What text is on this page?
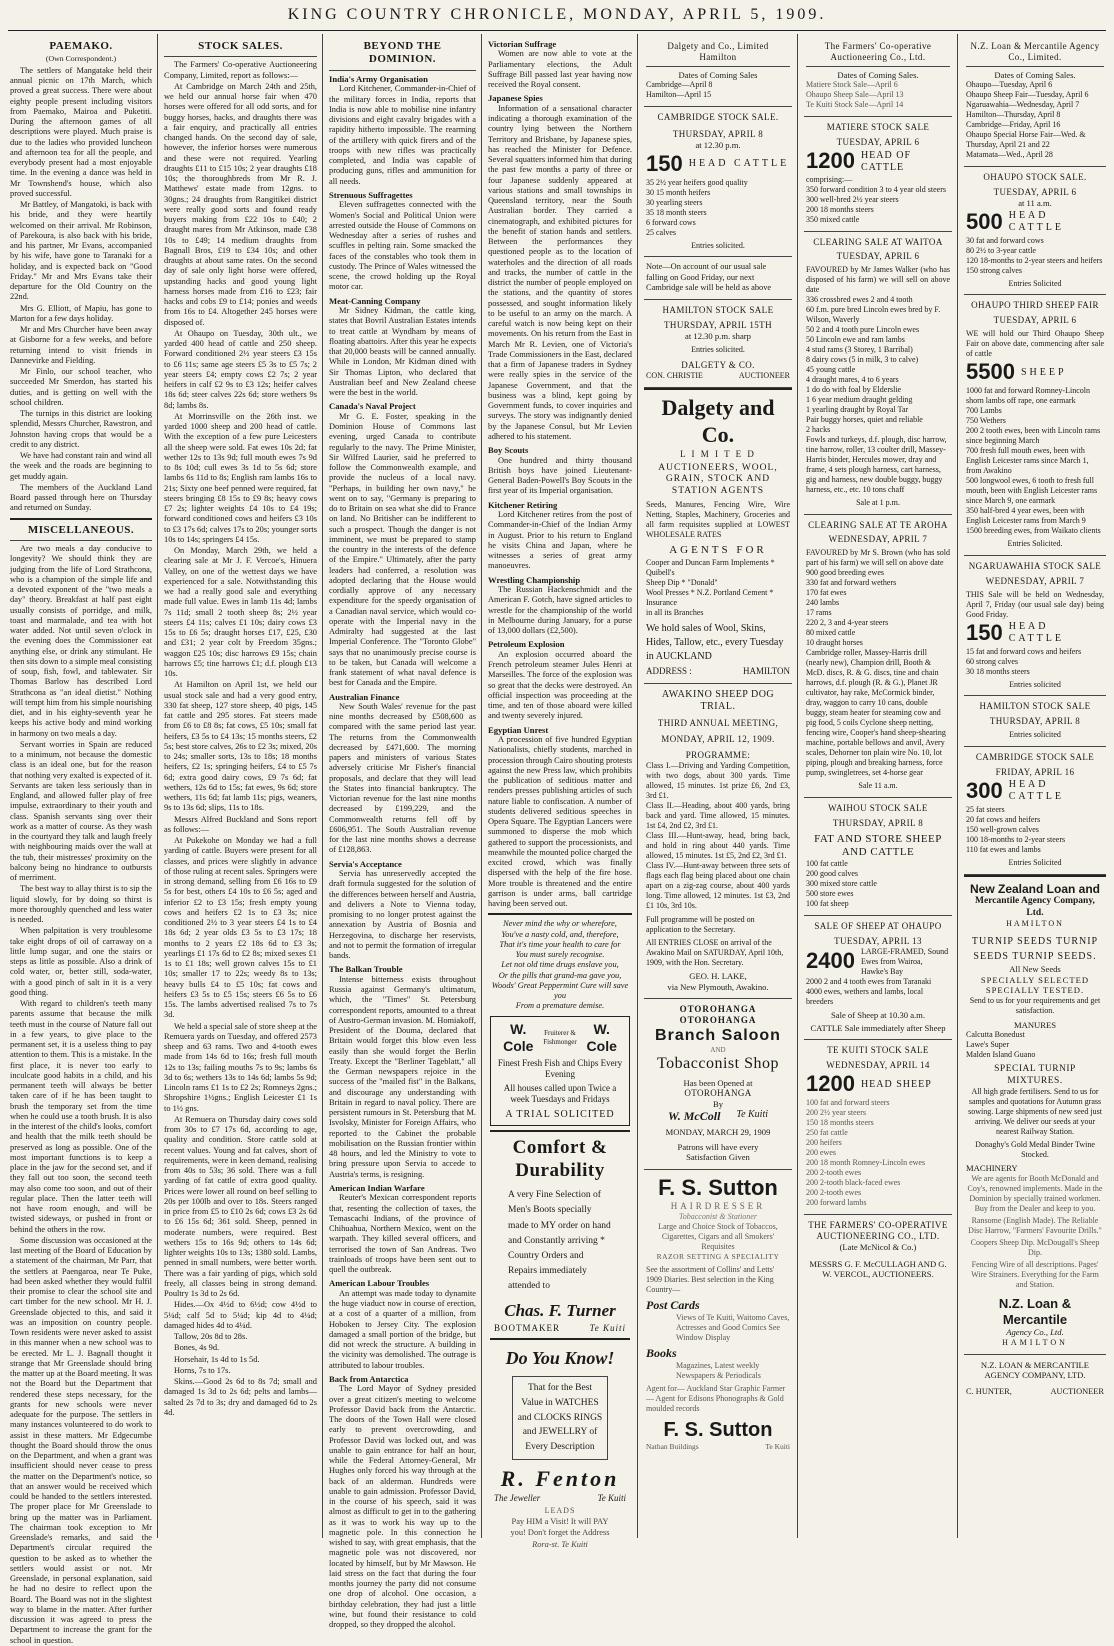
KING COUNTRY CHRONICLE, MONDAY, APRIL 5, 1909.
PAEMAKO.
(Own Correspondent.)

The settlers of Mangatake held their annual picnic on 17th March, which proved a great success. There were about eighty people present including visitors from Paemako, Mairoa and Puketiti. During the afternoon games of all descriptions were played. Much praise is due to the ladies who provided luncheon and afternoon tea for all the people, and everybody present had a most enjoyable time. In the evening a dance was held in Mr Townshend's house, which also proved successful.

Mr Battley, of Mangatoki, is back with his bride, and they were heartily welcomed on their arrival. Mr Robinson, of Parekoura, is also back with his bride, and his partner, Mr Evans, accompanied by his wife, have gone to Taranaki for a holiday, and is expected back on "Good Friday." Mr and Mrs Evans take their departure for the Old Country on the 22nd.

Mrs G. Elliott, of Mapiu, has gone to Marton for a few days holiday.

Mr and Mrs Churcher have been away at Gisborne for a few weeks, and before returning intend to visit friends in Dannevirke and Fielding.

Mr Finlo, our school teacher, who succeeded Mr Smerdon, has started his duties, and is getting on well with the school children.

The turnips in this district are looking splendid, Messrs Churcher, Rawstron, and Johnston having crops that would be a credit to any district.

We have had constant rain and wind all the week and the roads are beginning to get muddy again.

The members of the Auckland Land Board passed through here on Thursday and returned on Sunday.

MISCELLANEOUS.

Are two meals a day conducive to longevity? We should think they are judging from the life of Lord Strathcona, who is a champion of the simple life and a devoted exponent of the "two meals a day" theory. Breakfast at half past eight usually consists of porridge, and milk, toast and marmalade, and tea with hot water added. Not until seven o'clock in the evening does the Commissioner eat anything else, or drink any stimulant. He then sits down to a simple meal consisting of soup, fish, fowl, and tablewater. Sir Thomas Barlow has described Lord Strathcona as "an ideal dietist." Nothing will tempt him from his simple nourishing diet, and in his eighty-seventh year he keeps his active body and mind working in harmony on two meals a day.

Servant worries in Spain are reduced to a minimum, not because the domestic class is an ideal one, but for the reason that nothing very exalted is expected of it. Servants are taken less seriously than in England, and allowed fuller play of free impulse, extraordinary to their youth and class. Spanish servants sing over their work as a matter of course. As they wash in the courtyard they talk and laugh freely with neighbouring maids over the wall at the tub, their mistresses' proximity on the balcony being no hindrance to outbursts of merriment.

The best way to allay thirst is to sip the liquid slowly, for by doing so thirst is more thoroughly quenched and less water is needed.

When palpitation is very troublesome take eight drops of oil of carraway on a little lump sugar, and one the stairs or steps as little as possible. Also a drink of cold water, or, better still, soda-water, with a good pinch of salt in it is a very good thing.

With regard to children's teeth many parents assume that because the milk teeth must in the course of Nature fall out in a few years, to give place to the permanent set, it is a useless thing to pay attention to them. This is a mistake. In the first place, it is never too early to inculcate good habits in a child, and his permanent teeth will always be better taken care of if he has been taught to brush the temporary set from the time when he could use a tooth brush. It is also in the interest of the child's looks, comfort and health that the milk teeth should be preserved as long as possible. One of the most important functions is to keep a place in the jaw for the second set, and if they fall out too soon, the second teeth may also come too soon, and out of their regular place. Then the latter teeth will not have room enough, and will be twisted sideways, or pushed in front or behind the others in the row.

Some discussion was occasioned at the last meeting of the Board of Education by a statement of the chairman, Mr Parr, that the settlers at Paengaroa, near Te Puke, had been asked whether they would fulfil their promise to clear the school site and cart timber for the new school. Mr H. J. Greenslade objected to this, and said it was an imposition on country people. Town residents were never asked to assist in this manner when a new school was to be erected. Mr L. J. Bagnall thought it strange that Mr Greenslade should bring the matter up at the Board meeting. It was not the Board but the Department that rendered these steps necessary, for the grants for new schools were never adequate for the purpose. The settlers in many instances volunteered to do work to assist in these matters. Mr Edgecumbe thought the Board should throw the onus on the Department, and when a grant was insufficient should never cease to press the matter on the Department's notice, so that an answer would be received which could be handed to the settlers interested. The proper place for Mr Greenslade to bring up the matter was in Parliament. The chairman took exception to Mr Greenslade's remarks, and said the Department's circular required the question to be asked as to whether the settlers would assist or not. Mr Greenslade, in personal explanation, said he had no desire to reflect upon the Board. The Board was not in the slightest way to blame in the matter. After further discussion it was agreed to press the Department to increase the grant for the school in question.

STOCK SALES.

The Farmers' Co-operative Auctioneering Company, Limited, report as follows:—

At Cambridge on March 24th and 25th, we held our annual horse fair when 470 horses were offered for all odd sorts, and for buggy horses, hacks, and draughts there was a fair enquiry, and practically all entries changed hands. On the second day of sale, however, the inferior horses were numerous and these were not required. Yearling draughts £11 to £15 10s; 2 year draughts £18 10s; the thoroughbreds from Mr R. J. Matthews' estate made from 12gns. to 30gns.; 24 draughts from Rangitikei district were really good sorts and found ready buyers making from £22 10s to £40; 2 draught mares from Mr Atkinson, made £38 10s to £49; 14 medium draughts from Bagnall Bros, £19 to £34 10s; and other draughts at about same rates. On the second day of sale only light horse were offered, upstanding hacks and good young light harness horses made from £16 to £23; fair hacks and cobs £9 to £14; ponies and weeds from 16s to £4. Altogether 245 horses were disposed of.

At Ohaupo on Tuesday, 30th ult., we yarded 400 head of cattle and 250 sheep. Forward conditioned 2½ year steers £3 15s to £6 11s; same age steers £5 3s to £5 7s; 2 year steers £4; empty cows £2 7s; 2 year heifers in calf £2 9s to £3 12s; heifer calves 18s 6d; steer calves 22s 6d; store wethers 9s 8d; lambs 8s.

At Morrinsville on the 26th inst. we yarded 1000 sheep and 200 head of cattle. With the exception of a few pure Leicesters all the sheep were sold. Fat ewes 10s 2d; fat wether 12s to 13s 9d; full mouth ewes 7s 9d to 8s 10d; cull ewes 3s 1d to 5s 6d; store lambs 6s 11d to 8s; English ram lambs 16s to 21s; Sixty one beef penned were required, fat steers bringing £8 15s to £9 8s; heavy cows £7 2s; lighter weights £4 10s to £4 19s; forward conditioned cows and heifers £3 10s to £3 17s 6d; calves 17s to 20s; younger sorts 10s to 14s; springers £4 15s.

On Monday, March 29th, we held a clearing sale at Mr J. F. Vercoe's, Hinuera Valley, on one of the wettest days we have experienced for a sale. Notwithstanding this we had a really good sale and everything made full value. Ewes in lamb 11s 4d; lambs 7s 11d; small 2 tooth sheep 8s; 2½ year steers £4 11s; calves £1 10s; dairy cows £3 15s to £6 5s; draught horses £17, £25, £30 and £31; 2 year colt by Freedom 35gns.; waggon £25 10s; disc harrows £9 15s; chain harrows £5; tine harrows £1; d.f. plough £13 10s.

At Hamilton on April 1st, we held our usual stock sale and had a very good entry, 330 fat sheep, 127 store sheep, 40 pigs, 145 fat cattle and 295 stores. Fat steers made from £6 to £8 8s; fat cows, £5 10s; small fat heifers, £3 5s to £4 13s; 15 months steers, £2 5s; best store calves, 26s to £2 3s; mixed, 20s to 24s; smaller sorts, 13s to 18s; 18 months heifers, £2 1s; springing heifers, £4 to £5 7s 6d; extra good dairy cows, £9 7s 6d; fat wethers, 12s 6d to 15s; fat ewes, 9s 6d; store wethers, 11s 6d; fat lamb 11s; pigs, weaners, 9s to 13s 6d; slips, 11s to 18s.

Messrs Alfred Buckland and Sons report as follows:—

At Pukekohe on Monday we had a full yarding of cattle. Buyers were present for all classes, and prices were slightly in advance of those ruling at recent sales. Springers were in strong demand, selling from £6 16s to £9 5s for best, others £4 10s to £6 5s; aged and inferior £2 to £3 15s; fresh empty young cows and heifers £2 1s to £3 3s; nice conditioned 2½ to 3 year steers £4 1s to £4 18s 6d; 2 year olds £3 5s to £3 17s; 18 months to 2 years £2 18s 6d to £3 3s; yearlings £1 17s 6d to £2 8s; mixed sexes £1 1s to £1 18s; well grown calves 15s to £1 10s; smaller 17 to 22s; weedy 8s to 13s; heavy bulls £4 to £5 10s; fat cows and heifers £3 5s to £5 15s; steers £6 5s to £6 15s. The lambs advertised realised 7s to 7s 3d.

We held a special sale of store sheep at the Remuera yards on Tuesday, and offered 2573 sheep and 63 rams. Two and 4-tooth ewes made from 14s 6d to 16s; fresh full mouth 12s to 13s; failing mouths 7s to 9s; lambs 6s 3d to 6s; wethers 13s to 14s 6d; lambs 5s 9d; Lincoln rams £1 1s to £2 2s; Romneys 2gns.; Shropshire 1½gns.; English Leicester £1 1s to 1½ gns.

At Remuera on Thursday dairy cows sold from 30s to £7 17s 6d, according to age, quality and condition. Store cattle sold at recent values. Young and fat calves, short of requirements, were in keen demand, realising from 40s to 53s; 36 sold. There was a full yarding of fat cattle of extra good quality. Prices were lower all round on beef selling to 20s per 100lb and over to 18s. Steers ranged in price from £5 to £10 2s 6d; cows £3 2s 6d to £6 15s 6d; 361 sold. Sheep, penned in moderate numbers, were required. Best wethers 15s to 16s 9d; others to 14s 6d; lighter weights 10s to 13s; 1380 sold. Lambs, penned in small numbers, were better worth. There was a fair yarding of pigs, which sold freely, all classes being in strong demand. Poultry 1s 3d to 2s 6d.

Hides.—Ox 4½d to 6½d; cow 4½d to 5¼d; calf 5d to 5¼d; kip 4d to 4¼d; damaged hides 4d to 4¼d.

Tallow, 20s 8d to 28s.

Bones, 4s 9d.

Horsehair, 1s 4d to 1s 5d.

Horns, 7s to 17s.

Skins.—Good 2s 6d to 8s 7d; small and damaged 1s 3d to 2s 6d; pelts and lambs—salted 2s 7d to 3s; dry and damaged 6d to 2s 4d.

BEYOND THE DOMINION.
India's Army Organisation

Lord Kitchener, Commander-in-Chief of the military forces in India, reports that India is now able to mobilise nine infantry divisions and eight cavalry brigades with a rapidity hitherto impossible. The rearming of the artillery with quick firers and of the troops with new rifles was practically completed, and India was capable of producing guns, rifles and ammunition for all needs.

Strenuous Suffragettes

Eleven suffragettes connected with the Women's Social and Political Union were arrested outside the House of Commons on Wednesday after a series of rushes and scuffles in pelting rain. Some smacked the faces of the constables who took them in custody. The Prince of Wales witnessed the scene, the crowd holding up the Royal motor car.

Meat-Canning Company

Mr Sidney Kidman, the cattle king, states that Bovril Australian Estates intends to treat cattle at Wyndham by means of floating abattoirs. After this year he expects that 20,000 beasts will be canned annually. While in London, Mr Kidman dined with Sir Thomas Lipton, who declared that Australian beef and New Zealand cheese were the best in the world.

Canada's Naval Project

Mr G. E. Foster, speaking in the Dominion House of Commons last evening, urged Canada to contribute regularly to the navy. The Prime Minister, Sir Wilfred Laurier, said he preferred to follow the Commonwealth example, and provide the nucleus of a local navy. "Perhaps, in building her own navy," he went on to say, "Germany is preparing to do to Britain on sea what she did to France on land. No Britisher can be indifferent to such a prospect. Though the danger is not imminent, we must be prepared to stamp the country in the interests of the defence of the Empire." Ultimately, after the party leaders had conferred, a resolution was adopted declaring that the House would cordially approve of any necessary expenditure for the speedy organisation of a Canadian naval service, which would co-operate with the Imperial navy in the Admiralty had suggested at the last Imperial Conference. The "Toronto Globe" says that no unanimously precise course is to be taken, but Canada will welcome a frank statement of what naval defence is best for Canada and the Empire.

Australian Finance

New South Wales' revenue for the past nine months decreased by £508,600 as compared with the same period last year. The returns from the Commonwealth decreased by £471,600. The morning papers and ministers of various States adversely criticise Mr Fisher's financial proposals, and declare that they will lead the States into financial bankruptcy. The Victorian revenue for the last nine months decreased by £199,229, and the Commonwealth returns fell off by £606,951. The South Australian revenue for the last nine months shows a decrease of £128,863.

Servia's Acceptance

Servia has unreservedly accepted the draft formula suggested for the solution of the differences between herself and Austria, and delivers a Note to Vienna today, promising to no longer protest against the annexation by Austria of Bosnia and Herzegovina, to discharge her reservists, and not to permit the formation of irregular bands.

The Balkan Trouble

Intense bitterness exists throughout Russia against Germany's ultimatum, which, the "Times" St. Petersburg correspondent reports, amounted to a threat of Austro-German invasion. M. Homiakoff, President of the Douma, declared that Britain would forget this blow even less easily than she would forget the Berlin Treaty. Except the "Berliner Tageblatt," all the German newspapers rejoice in the success of the "mailed fist" in the Balkans, and discourage any understanding with Britain in regard to naval policy. There are persistent rumours in St. Petersburg that M. Isvolsky, Minister for Foreign Affairs, who reported to the Cabinet the probable mobilisation on the Russian frontier within 48 hours, and led the Ministry to vote to bring pressure upon Servia to accede to Austria's terms, is resigning.

American Indian Warfare

Reuter's Mexican correspondent reports that, resenting the collection of taxes, the Temascachi Indians, of the province of Chihuahua, Northern Mexico, went on the warpath. They killed several officers, and terrorised the town of San Andreas. Two trainloads of troops have been sent out to quell the outbreak.

American Labour Troubles

An attempt was made today to dynamite the huge viaduct now in course of erection, at a cost of a quarter of a million, from Hoboken to Jersey City. The explosion damaged a small portion of the bridge, but did not wreck the structure. A building in the vicinity was demolished. The outrage is attributed to labour troubles.

Back from Antarctica

The Lord Mayor of Sydney presided over a great citizen's meeting to welcome Professor David back from the Antarctic. The doors of the Town Hall were closed early to prevent overcrowding, and Professor David was locked out, and was unable to gain entrance for half an hour, while the Federal Attorney-General, Mr Hughes only forced his way through at the back of an alderman. Hundreds were unable to gain admission. Professor David, in the course of his speech, said it was almost as difficult to get in to the gathering as it was to work his way up to the magnetic pole. In this connection he wished to say, with great emphasis, that the magnetic pole was not discovered, nor located by himself, but by Mr Mawson. He laid stress on the fact that during the four months journey the party did not consume one drop of alcohol. One occasion, a birthday celebration, they had just a little wine, but found their resistance to cold dropped, so they dropped the alcohol.

Victorian Suffrage

Women are now able to vote at the Parliamentary elections, the Adult Suffrage Bill passed last year having now received the Royal consent.

Japanese Spies

Information of a sensational character indicating a thorough examination of the country lying between the Northern Territory and Brisbane, by Japanese spies, has reached the Minister for Defence. Several squatters informed him that during the past few months a party of three or four Japanese suddenly appeared at various stations and small townships in Queensland territory, near the South Australian border. They carried a cinematograph, and exhibited pictures for the benefit of station hands and settlers. Between the performances they questioned people as to the location of waterholes and the direction of all roads and tracks, the number of cattle in the district the number of people employed on the stations, and the quantity of stores possessed, and sought information likely to be useful to an army on the march. A careful watch is now being kept on their movements. On his return from the East in March Mr R. Levien, one of Victoria's Trade Commissioners in the East, declared that a firm of Japanese traders in Sydney were really spies in the service of the Japanese Government, and that the business was a blind, kept going by Government funds, to cover inquiries and surveys. The story was indignantly denied by the Japanese Consul, but Mr Levien adhered to his statement.

Boy Scouts

One hundred and thirty thousand British boys have joined Lieutenant-General Baden-Powell's Boy Scouts in the first year of its Imperial organisation.

Kitchener Retiring

Lord Kitchener retires from the post of Commander-in-Chief of the Indian Army in August. Prior to his return to England he visits China and Japan, where he witnesses a series of great army manoeuvres.

Wrestling Championship

The Russian Hackenschmidt and the American F. Gotch, have signed articles to wrestle for the championship of the world in Melbourne during January, for a purse of 13,000 dollars (£2,500).

Petroleum Explosion

An explosion occurred aboard the French petroleum steamer Jules Henri at Marseilles. The force of the explosion was so great that the decks were destroyed. An official inspection was proceeding at the time, and ten of those aboard were killed and twenty severely injured.

Egyptian Unrest

A procession of five hundred Egyptian Nationalists, chiefly students, marched in procession through Cairo shouting protests against the new Press law, which prohibits the publication of seditious matter and renders presses publishing articles of such nature liable to confiscation. A number of students delivered seditious speeches in Opera Square. The Egyptian Lancers were summoned to disperse the mob which gathered to support the processionists, and meanwhile the mounted police charged the excited crowd, which was finally dispersed with the help of the fire hose. More trouble is threatened and the entire garrison is under arms, ball cartridge having been served out.

Never mind the why or wherefore,
You've a nasty cold, and, therefore,
That it's time your health to care for
You must surely recognise.
Let not old time drugs enslave you,
Or the pills that grand-ma gave you,
Woods' Great Peppermint Cure will save you
From a premature demise.
W. Cole
Fruiterer & Fishmonger
W. Cole
Finest Fresh Fish and Chips Every Evening
All houses called upon Twice a week Tuesdays and Fridays
A TRIAL SOLICITED
Comfort & Durability
A very Fine Selection of Men's Boots specially made to MY order on hand and Constantly arriving * Country Orders and Repairs immediately attended to
Chas. F. Turner
BOOTMAKER	Te Kuiti
Do You Know!
That for the Best Value in WATCHES and CLOCKS RINGS and JEWELLRY of Every Description
R. Fenton
The Jeweller	Te Kuiti
LEADS
Pay HIM a Visit! It will PAY you! Don't forget the Address
Rora-st. Te Kuiti
Dalgety and Co., Limited
Hamilton
Dates of Coming Sales
Cambridge—April 8
Hamilton—April 15
CAMBRIDGE STOCK SALE.
THURSDAY, APRIL 8
at 12.30 p.m.
150 HEAD CATTLE
35 2½ year heifers good quality
30 15 month heifers
30 yearling steers
35 18 month steers
6 forward cows
25 calves
Entries solicited.
Note—On account of our usual sale falling on Good Friday, our next Cambridge sale will be held as above
HAMILTON STOCK SALE
THURSDAY, APRIL 15TH
at 12.30 p.m. sharp
Entries solicited.
DALGETY & CO.
CON. CHRISTIE	AUCTIONEER
Dalgety and Co.
L I M I T E D
AUCTIONEERS, WOOL, GRAIN, STOCK AND STATION AGENTS
Seeds, Manures, Fencing Wire, Wire Netting, Staples, Machinery, Groceries and all farm requisites supplied at LOWEST WHOLESALE RATES
AGENTS FOR
Cooper and Duncan Farm Implements * Quibell's
Sheep Dip * "Donald"
Wool Presses * N.Z. Portland Cement * Insurance
in all its Branches
We hold sales of Wool, Skins, Hides, Tallow, etc., every Tuesday in AUCKLAND
ADDRESS :	HAMILTON
AWAKINO SHEEP DOG TRIAL.
THIRD ANNUAL MEETING,
MONDAY, APRIL 12, 1909.
PROGRAMME:
Class I.—Driving and Yarding Competition, with two dogs, about 300 yards. Time allowed, 15 minutes. 1st prize £6, 2nd £3, 3rd £1.
Class II.—Heading, about 400 yards, bring back and yard. Time allowed, 15 minutes. 1st £4, 2nd £2, 3rd £1.
Class III.—Hunt-away, head, bring back, and hold in ring about 440 yards. Time allowed, 15 minutes. 1st £5, 2nd £2, 3rd £1.
Class IV.—Hunt-away between three sets of flags each flag being placed about one chain apart on a zig-zag course, about 400 yards long. Time allowed, 12 minutes. 1st £3, 2nd £1 10s, 3rd 10s.
Full programme will be posted on application to the Secretary.
All ENTRIES CLOSE on arrival of the Awakino Mail on SATURDAY, April 10th, 1909, with the Hon. Secretary.
GEO. H. LAKE,
via New Plymouth, Awakino.
OTOROHANGA OTOROHANGA
Branch Saloon
AND
Tobacconist Shop
Has been Opened at
OTOROHANGA
By
W. McColl Te Kuiti
MONDAY, MARCH 29, 1909
Patrons will have every Satisfaction Given
F. S. Sutton
HAIRDRESSER
Tobacconist & Stationer
Large and Choice Stock of Tobaccos, Cigarettes, Cigars and all Smokers' Requisites
RAZOR SETTING A SPECIALITY
See the assortment of Collins' and Letts' 1909 Diaries. Best selection in the King Country—
Post Cards
Views of Te Kuiti, Waitomo Caves, Actresses and Good Comics See Window Display
Books
Magazines, Latest weekly Newspapers & Periodicals
Agent for— Auckland Star Graphic Farmer — Agent for Edisons Phonographs & Gold moulded records
F. S. Sutton
Nathan Buildings	Te Kuiti
The Farmers' Co-operative Auctioneering Co., Ltd.
Dates of Coming Sales.
Matiere Stock Sale—April 6
Ohaupo Sheep Sale—April 13
Te Kuiti Stock Sale—April 14
MATIERE STOCK SALE
TUESDAY, APRIL 6
1200 HEAD OF CATTLE
comprising:—
350 forward condition 3 to 4 year old steers
300 well-bred 2½ year steers
200 18 months steers
350 mixed cattle
CLEARING SALE AT WAITOA
TUESDAY, APRIL 6
FAVOURED by Mr James Walker (who has disposed of his farm) we will sell on above date
336 crossbred ewes 2 and 4 tooth
60 f.m. pure bred Lincoln ewes bred by F. Wilson, Waverly
50 2 and 4 tooth pure Lincoln ewes
50 Lincoln ewe and ram lambs
4 stud rams (3 Storey, 1 Barribal)
8 dairy cows (5 in milk, 3 to calve)
45 young cattle
4 draught mares, 4 to 6 years
1 do do with foal by Elderslie
1 6 year medium draught gelding
1 yearling draught by Royal Tar
Pair buggy horses, quiet and reliable
2 hacks
Fowls and turkeys, d.f. plough, disc harrow, tine harrow, roller, 13 coulter drill, Massey-Harris binder, Hercules mower, dray and frame, 4 sets plough harness, cart harness, gig and harness, new double buggy, buggy harness, etc., etc. 10 tons chaff
Sale at 1 p.m.
CLEARING SALE AT TE AROHA
WEDNESDAY, APRIL 7
FAVOURED by Mr S. Brown (who has sold part of his farm) we will sell on above date
900 good breeding ewes
330 fat and forward wethers
170 fat ewes
240 lambs
17 rams
220 2, 3 and 4-year steers
80 mixed cattle
10 draught horses
Cambridge roller, Massey-Harris drill (nearly new), Champion drill, Booth & McD. discs, R. & G. discs, tine and chain harrows, d.f. plough (R. & G.), Planet JR cultivator, hay rake, McCormick binder, dray, waggon to carry 10 cans, double buggy, steam heater for steaming cow and pig food, 5 coils Cyclone sheep netting, fencing wire, Cooper's hand sheep-shearing machine, portable bellows and anvil, Avery scales, Dehorner ton plain wire No. 10, lot piping, plough and breaking harness, force pump, swingletrees, set 4-horse gear
Sale 11 a.m.
WAIHOU STOCK SALE
THURSDAY, APRIL 8
FAT AND STORE SHEEP AND CATTLE
100 fat cattle
200 good calves
300 mixed store cattle
500 store ewes
100 fat sheep
SALE OF SHEEP AT OHAUPO
TUESDAY, APRIL 13
2400 LARGE-FRAMED, Sound Ewes from Wairoa, Hawke's Bay
2000 2 and 4 tooth ewes from Taranaki
4000 ewes, wethers and lambs, local breeders
Sale of Sheep at 10.30 a.m.
CATTLE Sale immediately after Sheep
TE KUITI STOCK SALE
WEDNESDAY, APRIL 14
1200 HEAD SHEEP
100 fat and forward steers
200 2½ year steers
150 18 months steers
250 fat cattle
200 heifers
200 ewes
200 18 month Romney-Lincoln ewes
200 2-tooth ewes
200 2-tooth black-faced ewes
200 2-tooth ewes
200 forward lambs
THE FARMERS' CO-OPERATIVE AUCTIONEERING CO., LTD.
(Late McNicol & Co.)
MESSRS G. F. McCULLAGH AND G. W. VERCOL, AUCTIONEERS.
N.Z. Loan & Mercantile Agency Co., Limited.
Dates of Coming Sales.
Ohaupo—Tuesday, April 6
Ohaupo Sheep Fair—Tuesday, April 6
Ngaruawahia—Wednesday, April 7
Hamilton—Thursday, April 8
Cambridge—Friday, April 16
Ohaupo Special Horse Fair—Wed. & Thursday, April 21 and 22
Matamata—Wed., April 28
OHAUPO STOCK SALE.
TUESDAY, APRIL 6
at 11 a.m.
500 HEAD CATTLE
30 fat and forward cows
80 2½ to 3-year cattle
120 18-months to 2-year steers and heifers
150 strong calves
Entries Solicited
OHAUPO THIRD SHEEP FAIR
TUESDAY, APRIL 6
WE will hold our Third Ohaupo Sheep Fair on above date, commencing after sale of cattle
5500 SHEEP
1000 fat and forward Romney-Lincoln shorn lambs off rape, one earmark
700 Lambs
750 Wethers
200 2 tooth ewes, been with Lincoln rams since beginning March
700 fresh full mouth ewes, been with English Leicester rams since March 1, from Awakino
500 longwool ewes, 6 tooth to fresh full mouth, been with English Leicester rams since March 9, one earmark
350 half-bred 4 year ewes, been with English Leicester rams from March 9
1500 breeding ewes, from Waikato clients
Entries Solicited.
NGARUAWAHIA STOCK SALE
WEDNESDAY, APRIL 7
THIS Sale will be held on Wednesday, April 7, Friday (our usual sale day) being Good Friday.
150 HEAD CATTLE
15 fat and forward cows and heifers
60 strong calves
30 18 months steers
Entries solicited
HAMILTON STOCK SALE
THURSDAY, APRIL 8
Entries solicited
CAMBRIDGE STOCK SALE
FRIDAY, APRIL 16
300 HEAD CATTLE
25 fat steers
20 fat cows and heifers
150 well-grown calves
100 18-months to 2-year steers
110 fat ewes and lambs
Entries Solicited
New Zealand Loan and
Mercantile Agency Company, Ltd.
HAMILTON
TURNIP SEEDS TURNIP SEEDS TURNIP SEEDS.
All New Seeds
SPECIALLY SELECTED
SPECIALLY TESTED.
Send to us for your requirements and get satisfaction.
MANURES
Calcutta Bonedust
Lawe's Super
Malden Island Guano
SPECIAL TURNIP MIXTURES.
All high grade fertilisers. Send to us for samples and quotations for Autumn grass sowing. Large shipments of new seed just arriving. We deliver our seeds at your nearest Railway Station.
Donaghy's Gold Medal Binder Twine Stocked.
MACHINERY
We are agents for Booth McDonald and Coy's, renowned implements. Made in the Dominion by specially trained workmen. Buy from the Dealer and keep to you.
Ransome (English Made). The Reliable Disc Harrow, "Farmers' Favourite Drills."
Coopers Sheep Dip. McDougall's Sheep Dip.
Fencing Wire of all descriptions. Pages' Wire Strainers. Everything for the Farm and Station.
N.Z. Loan & Mercantile
Agency Co., Ltd.
HAMILTON
N.Z. LOAN & MERCANTILE AGENCY COMPANY, LTD.
C. HUNTER,	AUCTIONEER
